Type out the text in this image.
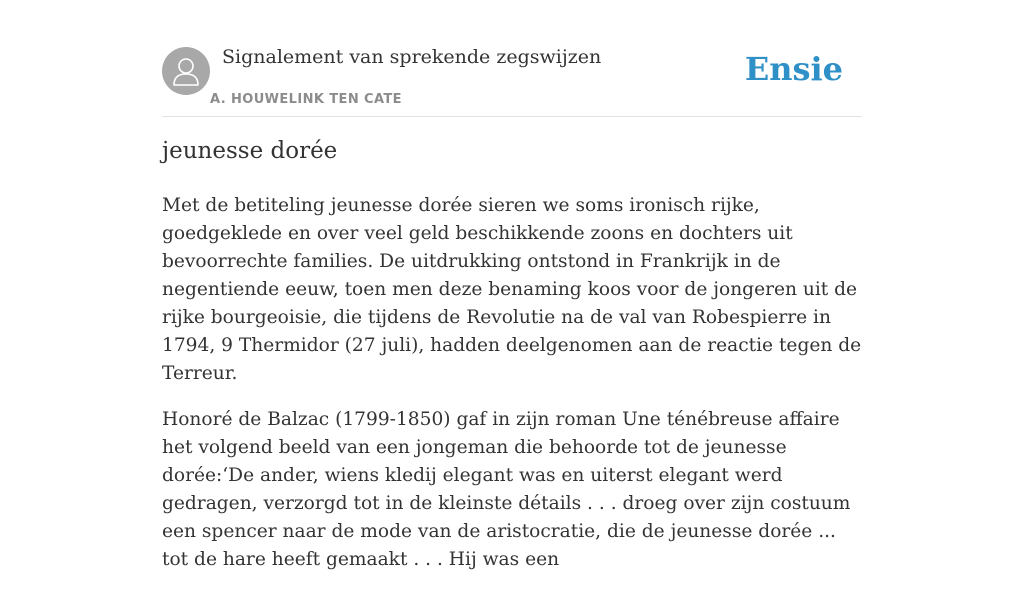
Signalement van sprekende zegswijzen
A. HOUWELINK TEN CATE
Ensie
jeunesse dorée

Met de betiteling jeunesse dorée sieren we soms ironisch rijke, goedgeklede en over veel geld beschikkende zoons en dochters uit bevoorrechte families. De uitdrukking ontstond in Frankrijk in de negentiende eeuw, toen men deze benaming koos voor de jongeren uit de rijke bourgeoisie, die tijdens de Revolutie na de val van Robespierre in 1794, 9 Thermidor (27 juli), hadden deelgenomen aan de reactie tegen de Terreur.

Honoré de Balzac (1799-1850) gaf in zijn roman Une ténébreuse affaire het volgend beeld van een jongeman die behoorde tot de jeunesse dorée:‘De ander, wiens kledij elegant was en uiterst elegant werd gedragen, verzorgd tot in de kleinste détails . . . droeg over zijn costuum een spencer naar de mode van de aristocratie, die de jeunesse dorée ... tot de hare heeft gemaakt . . . Hij was een
